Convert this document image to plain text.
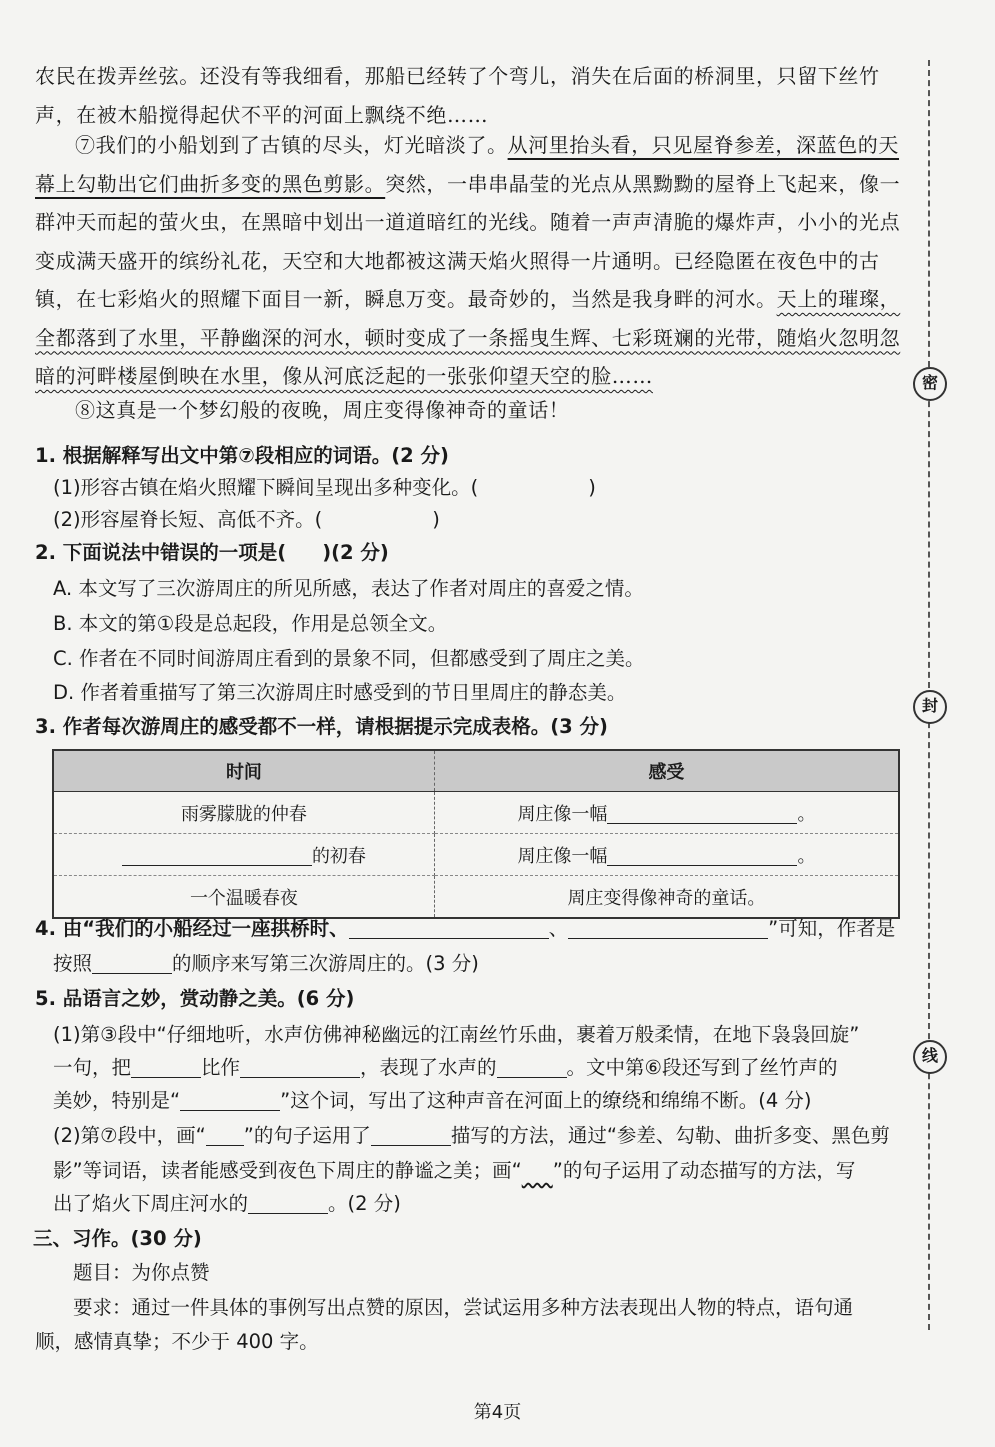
密
封
线
农民在拨弄丝弦。还没有等我细看，那船已经转了个弯儿，消失在后面的桥洞里，只留下丝竹声，在被木船搅得起伏不平的河面上飘绕不绝……
⑦我们的小船划到了古镇的尽头，灯光暗淡了。从河里抬头看，只见屋脊参差，深蓝色的天幕上勾勒出它们曲折多变的黑色剪影。突然，一串串晶莹的光点从黑黝黝的屋脊上飞起来，像一群冲天而起的萤火虫，在黑暗中划出一道道暗红的光线。随着一声声清脆的爆炸声，小小的光点变成满天盛开的缤纷礼花，天空和大地都被这满天焰火照得一片通明。已经隐匿在夜色中的古镇，在七彩焰火的照耀下面目一新，瞬息万变。最奇妙的，当然是我身畔的河水。天上的璀璨，全都落到了水里，平静幽深的河水，顿时变成了一条摇曳生辉、七彩斑斓的光带，随焰火忽明忽暗的河畔楼屋倒映在水里，像从河底泛起的一张张仰望天空的脸……
⑧这真是一个梦幻般的夜晚，周庄变得像神奇的童话！
1. 根据解释写出文中第⑦段相应的词语。(2 分)
(1)形容古镇在焰火照耀下瞬间呈现出多种变化。(	)
(2)形容屋脊长短、高低不齐。(	)
2. 下面说法中错误的一项是( )(2 分)
A. 本文写了三次游周庄的所见所感，表达了作者对周庄的喜爱之情。
B. 本文的第①段是总起段，作用是总领全文。
C. 作者在不同时间游周庄看到的景象不同，但都感受到了周庄之美。
D. 作者着重描写了第三次游周庄时感受到的节日里周庄的静态美。
3. 作者每次游周庄的感受都不一样，请根据提示完成表格。(3 分)
时间	感受
雨雾朦胧的仲春	周庄像一幅 。
的初春	周庄像一幅 。
一个温暖春夜	周庄变得像神奇的童话。
4. 由“我们的小船经过一座拱桥时、	、	”可知，作者是
按照	的顺序来写第三次游周庄的。(3 分)
5. 品语言之妙，赏动静之美。(6 分)
(1)第③段中“仔细地听，水声仿佛神秘幽远的江南丝竹乐曲，裹着万般柔情，在地下袅袅回旋”
一句，把	比作	，表现了水声的	。文中第⑥段还写到了丝竹声的
美妙，特别是“	”这个词，写出了这种声音在河面上的缭绕和绵绵不断。(4 分)
(2)第⑦段中，画“ ”的句子运用了	描写的方法，通过“参差、勾勒、曲折多变、黑色剪
影”等词语，读者能感受到夜色下周庄的静谧之美；画“ ”的句子运用了动态描写的方法，写
出了焰火下周庄河水的	。(2 分)
三、习作。(30 分)
题目：为你点赞
要求：通过一件具体的事例写出点赞的原因，尝试运用多种方法表现出人物的特点，语句通
顺，感情真挚；不少于 400 字。
第4页
